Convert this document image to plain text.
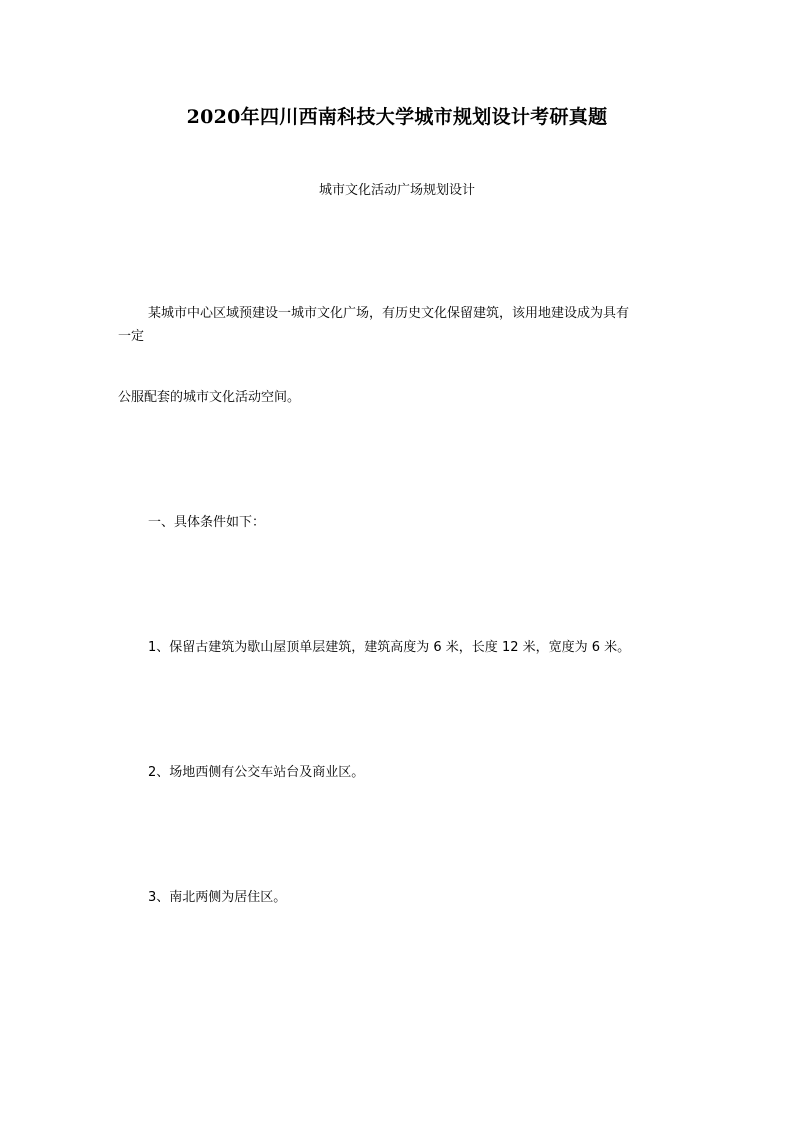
2020年四川西南科技大学城市规划设计考研真题
城市文化活动广场规划设计
某城市中心区域预建设一城市文化广场，有历史文化保留建筑，该用地建设成为具有
一定
公服配套的城市文化活动空间。
一、具体条件如下：
1、保留古建筑为歇山屋顶单层建筑，建筑高度为 6 米，长度 12 米，宽度为 6 米。
2、场地西侧有公交车站台及商业区。
3、南北两侧为居住区。
